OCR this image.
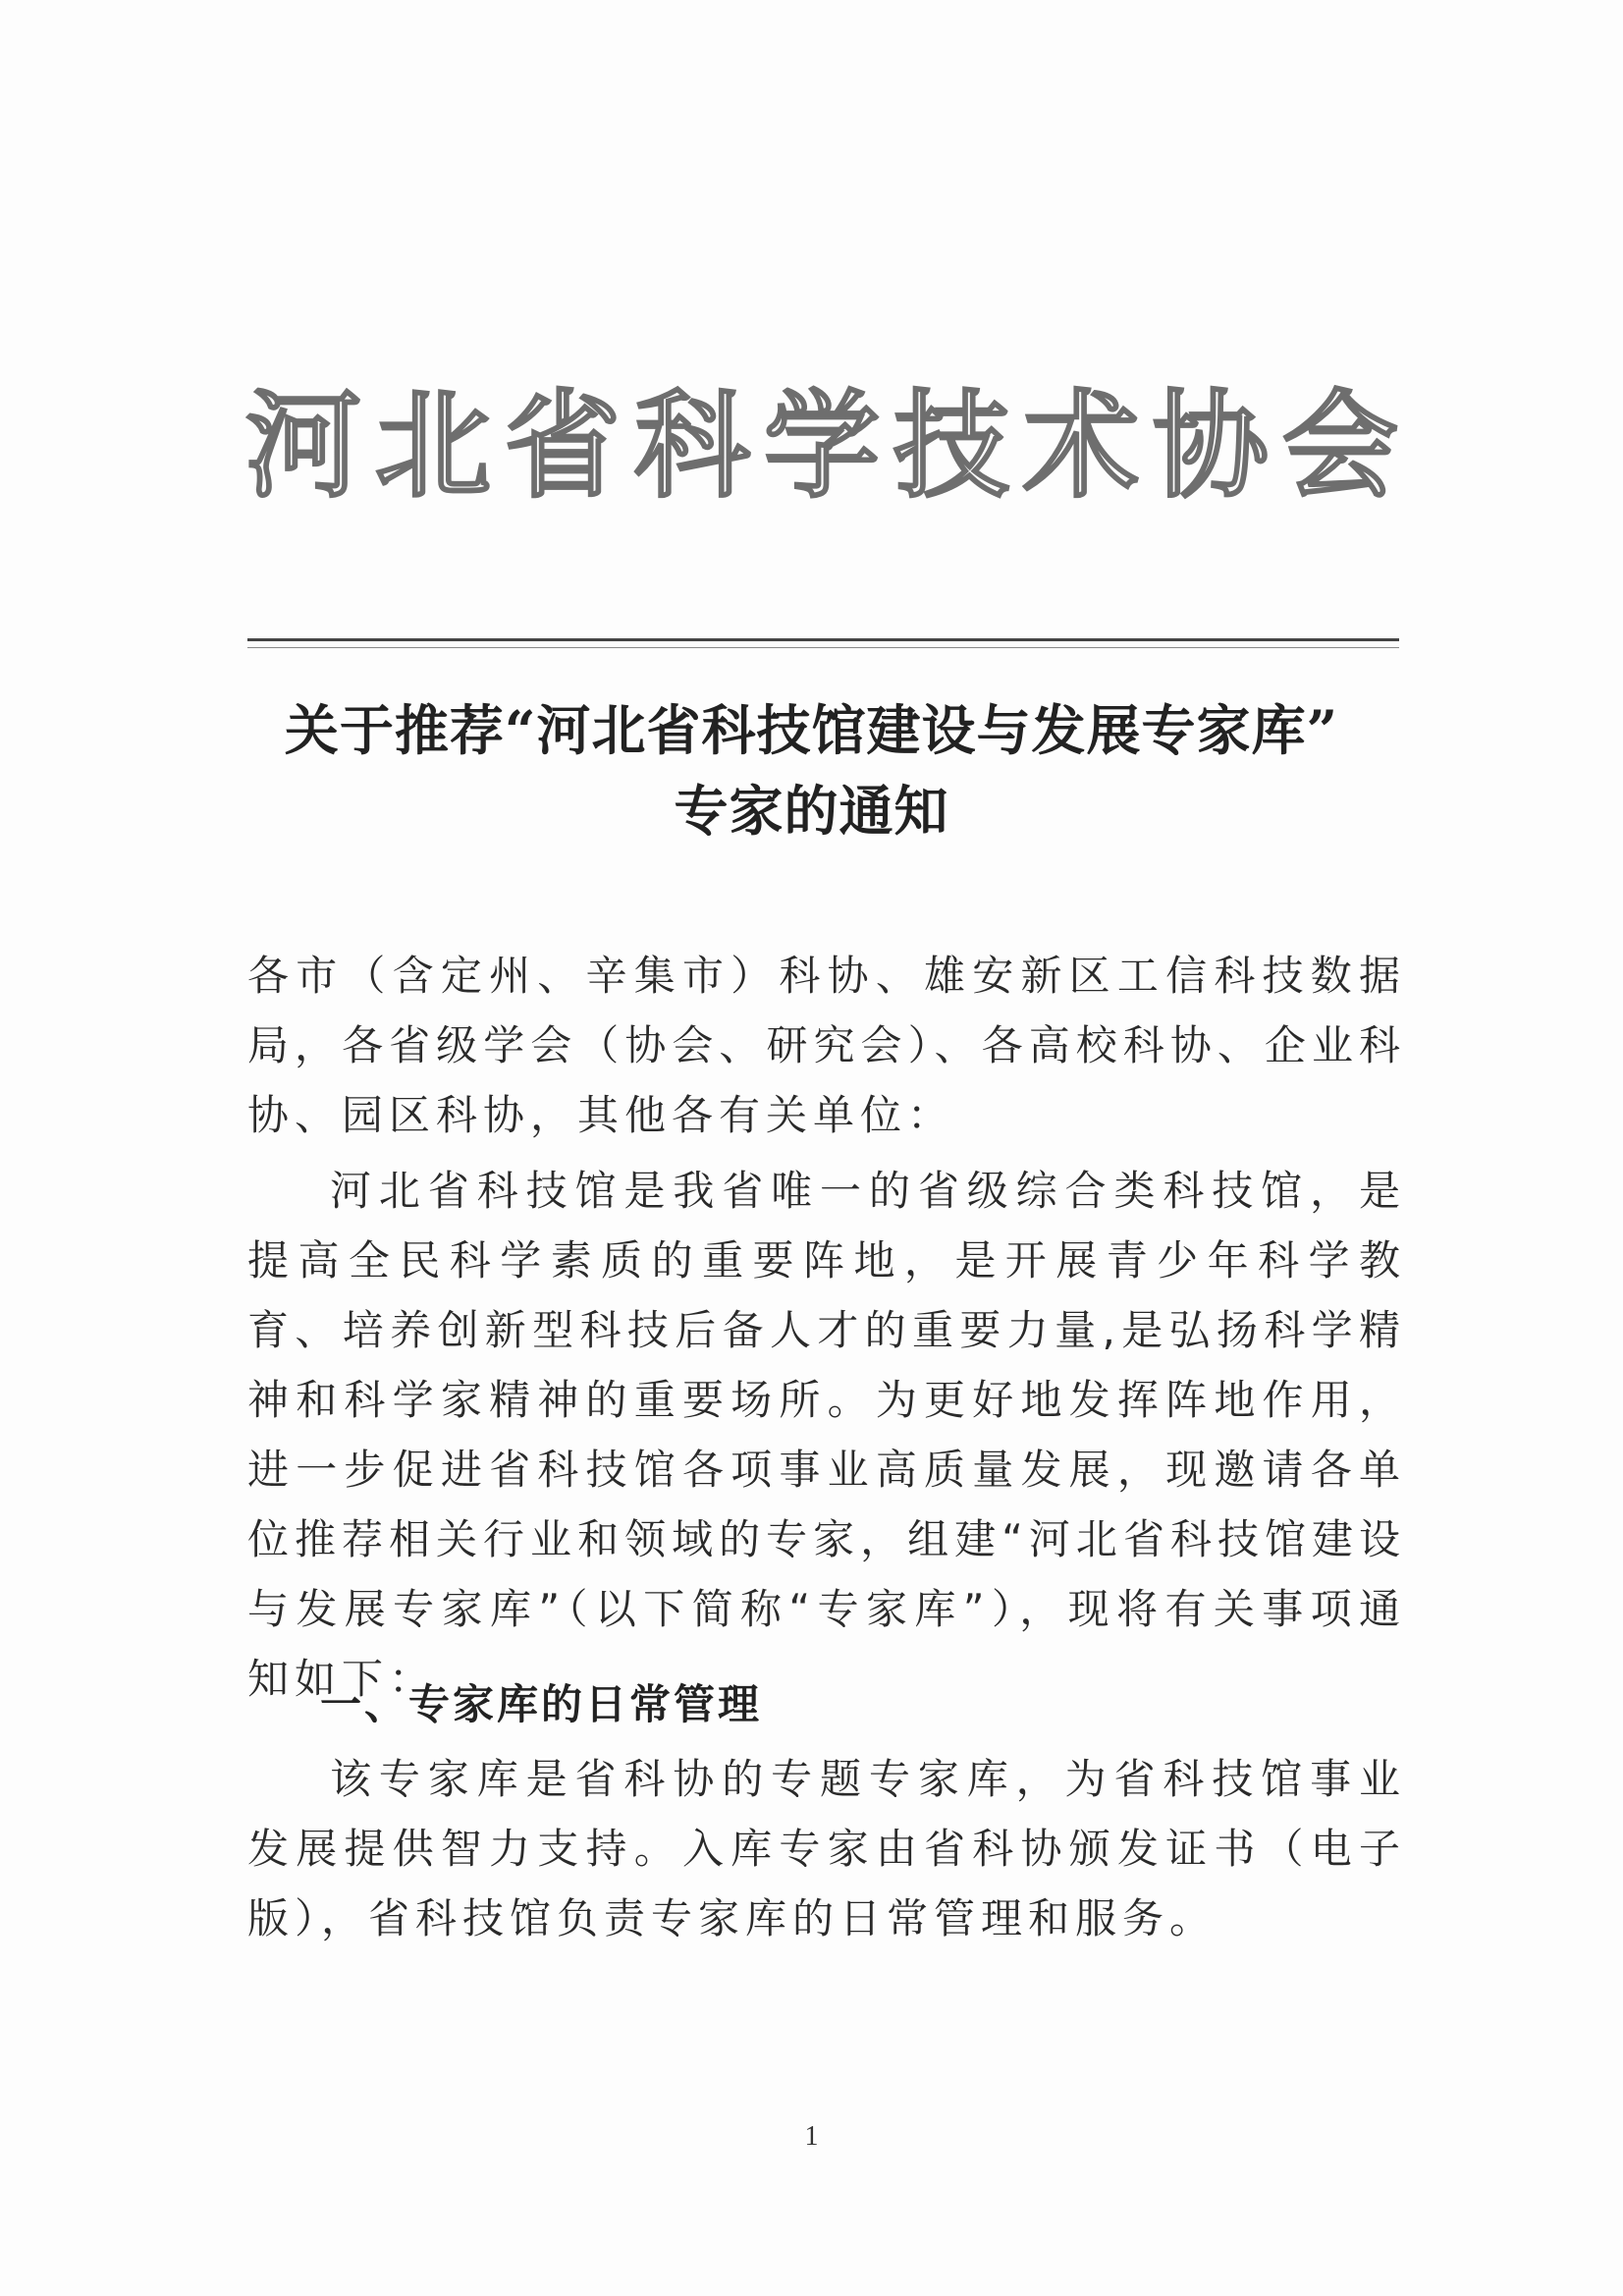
河北省科学技术协会
关于推荐“河北省科技馆建设与发展专家库”
专家的通知
各市（含定州、辛集市）科协、雄安新区工信科技数据局，各省级学会（协会、研究会）、各高校科协、企业科协、园区科协，其他各有关单位：
河北省科技馆是我省唯一的省级综合类科技馆，是提高全民科学素质的重要阵地，是开展青少年科学教育、培养创新型科技后备人才的重要力量,是弘扬科学精神和科学家精神的重要场所。为更好地发挥阵地作用，进一步促进省科技馆各项事业高质量发展，现邀请各单位推荐相关行业和领域的专家，组建“河北省科技馆建设与发展专家库”（以下简称“专家库”），现将有关事项通知如下：
一、专家库的日常管理
该专家库是省科协的专题专家库，为省科技馆事业发展提供智力支持。入库专家由省科协颁发证书（电子版），省科技馆负责专家库的日常管理和服务。
1
